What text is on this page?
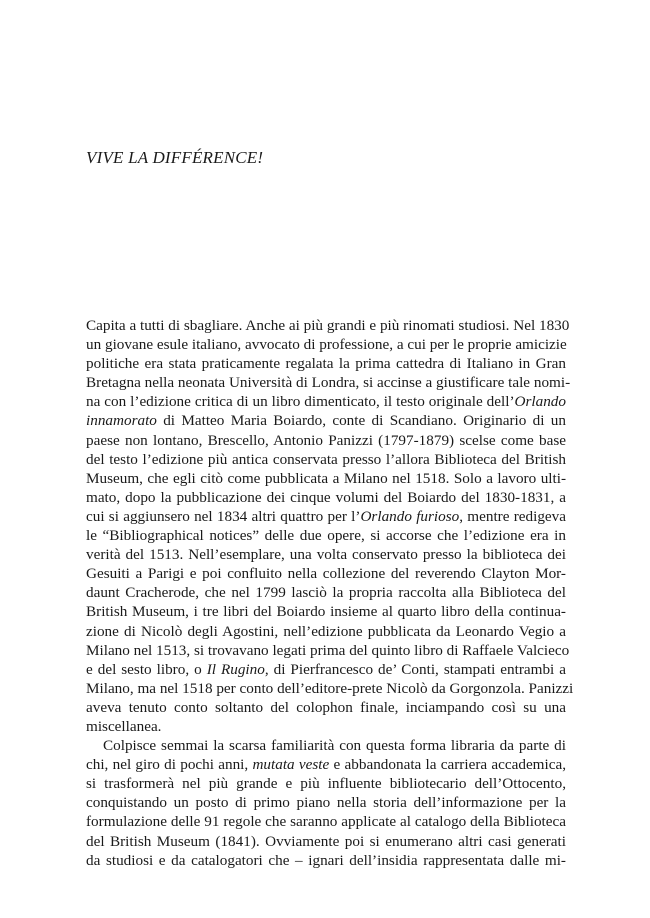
VIVE LA DIFFÉRENCE!
Capita a tutti di sbagliare. Anche ai più grandi e più rinomati studiosi. Nel 1830
un giovane esule italiano, avvocato di professione, a cui per le proprie amicizie
politiche era stata praticamente regalata la prima cattedra di Italiano in Gran
Bretagna nella neonata Università di Londra, si accinse a giustificare tale nomi-
na con l’edizione critica di un libro dimenticato, il testo originale dell’Orlando
innamorato di Matteo Maria Boiardo, conte di Scandiano. Originario di un
paese non lontano, Brescello, Antonio Panizzi (1797-1879) scelse come base
del testo l’edizione più antica conservata presso l’allora Biblioteca del British
Museum, che egli citò come pubblicata a Milano nel 1518. Solo a lavoro ulti-
mato, dopo la pubblicazione dei cinque volumi del Boiardo del 1830-1831, a
cui si aggiunsero nel 1834 altri quattro per l’Orlando furioso, mentre redigeva
le “Bibliographical notices” delle due opere, si accorse che l’edizione era in
verità del 1513. Nell’esemplare, una volta conservato presso la biblioteca dei
Gesuiti a Parigi e poi confluito nella collezione del reverendo Clayton Mor-
daunt Cracherode, che nel 1799 lasciò la propria raccolta alla Biblioteca del
British Museum, i tre libri del Boiardo insieme al quarto libro della continua-
zione di Nicolò degli Agostini, nell’edizione pubblicata da Leonardo Vegio a
Milano nel 1513, si trovavano legati prima del quinto libro di Raffaele Valcieco
e del sesto libro, o Il Rugino, di Pierfrancesco de’ Conti, stampati entrambi a
Milano, ma nel 1518 per conto dell’editore-prete Nicolò da Gorgonzola. Panizzi
aveva tenuto conto soltanto del colophon finale, inciampando così su una
miscellanea.
Colpisce semmai la scarsa familiarità con questa forma libraria da parte di
chi, nel giro di pochi anni, mutata veste e abbandonata la carriera accademica,
si trasformerà nel più grande e più influente bibliotecario dell’Ottocento,
conquistando un posto di primo piano nella storia dell’informazione per la
formulazione delle 91 regole che saranno applicate al catalogo della Biblioteca
del British Museum (1841). Ovviamente poi si enumerano altri casi generati
da studiosi e da catalogatori che – ignari dell’insidia rappresentata dalle mi-
